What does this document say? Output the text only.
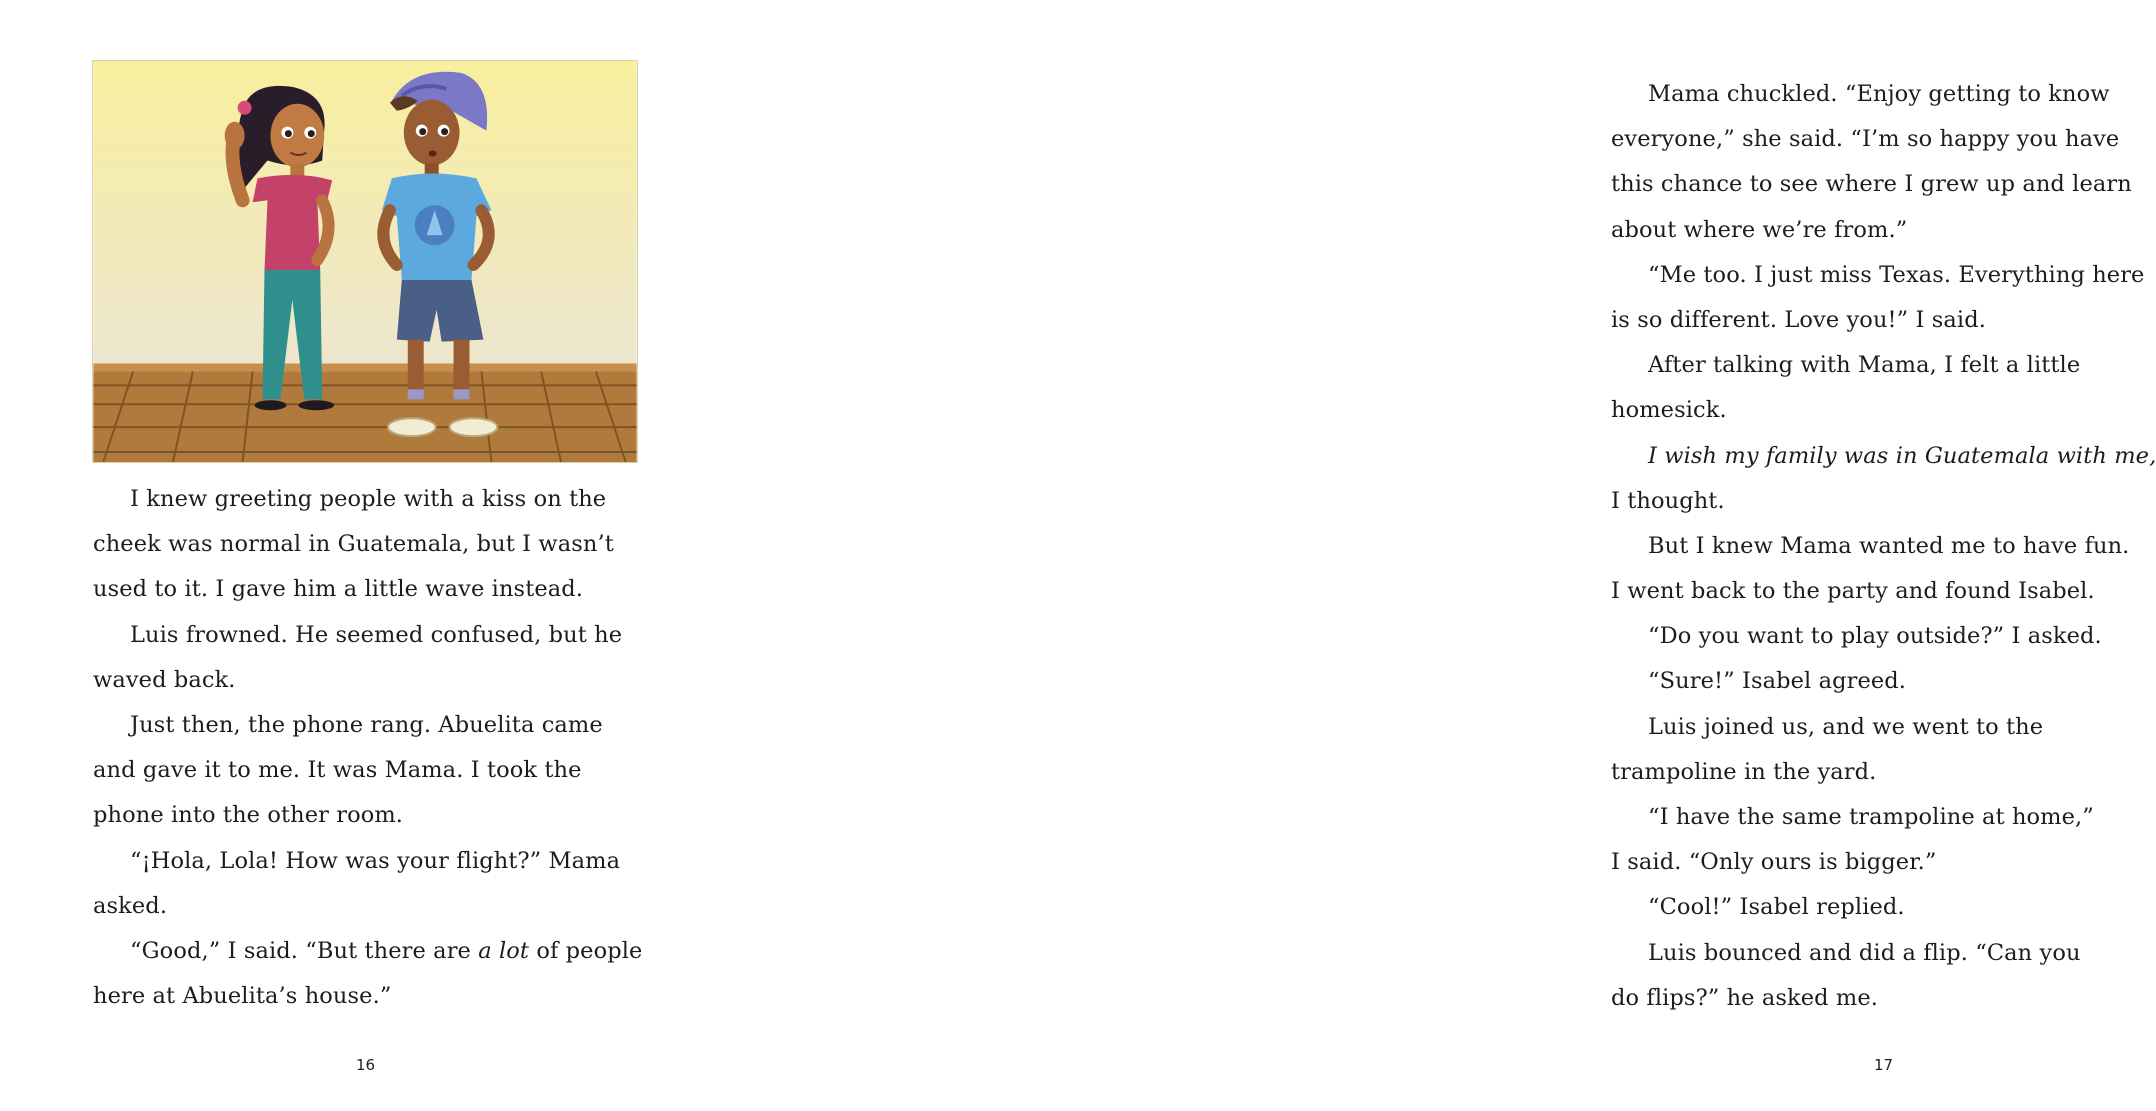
I knew greeting people with a kiss on the
cheek was normal in Guatemala, but I wasn’t
used to it. I gave him a little wave instead.
Luis frowned. He seemed confused, but he
waved back.
Just then, the phone rang. Abuelita came
and gave it to me. It was Mama. I took the
phone into the other room.
“¡Hola, Lola! How was your flight?” Mama
asked.
“Good,” I said. “But there are a lot of people
here at Abuelita’s house.”
16
Mama chuckled. “Enjoy getting to know
everyone,” she said. “I’m so happy you have
this chance to see where I grew up and learn
about where we’re from.”
“Me too. I just miss Texas. Everything here
is so different. Love you!” I said.
After talking with Mama, I felt a little
homesick.
I wish my family was in Guatemala with me,
I thought.
But I knew Mama wanted me to have fun.
I went back to the party and found Isabel.
“Do you want to play outside?” I asked.
“Sure!” Isabel agreed.
Luis joined us, and we went to the
trampoline in the yard.
“I have the same trampoline at home,”
I said. “Only ours is bigger.”
“Cool!” Isabel replied.
Luis bounced and did a flip. “Can you
do flips?” he asked me.
17
